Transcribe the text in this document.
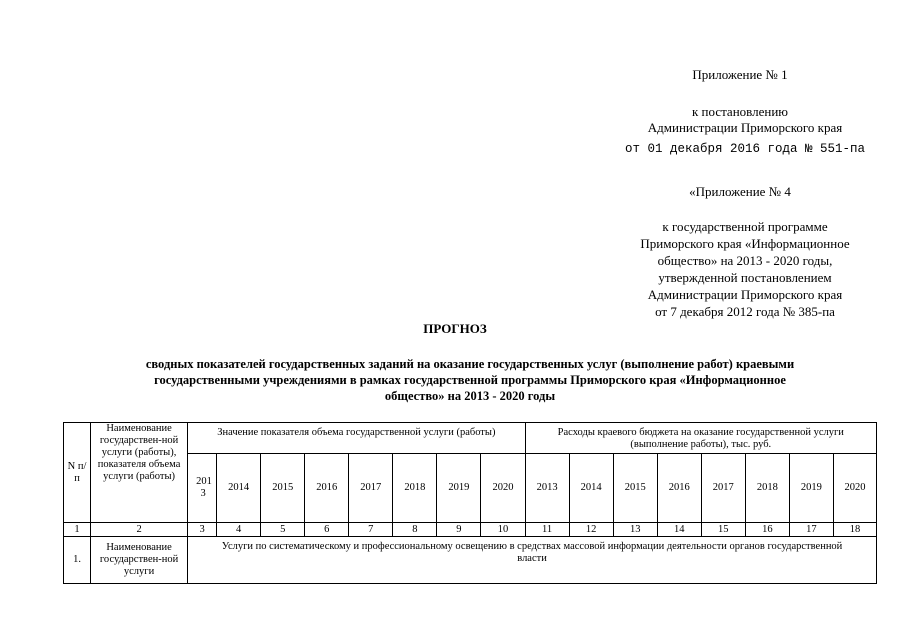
Приложение № 1
к постановлению
Администрации Приморского края
от 01 декабря 2016 года № 551-па
«Приложение № 4
к государственной программе
Приморского края «Информационное
общество» на 2013 - 2020 годы,
утвержденной постановлением
Администрации Приморского края
от 7 декабря 2012 года № 385-па
ПРОГНОЗ
сводных показателей государственных заданий на оказание государственных услуг (выполнение работ) краевыми
государственными учреждениями в рамках государственной программы Приморского края «Информационное
общество» на 2013 - 2020 годы
N п/п	Наименование государствен-ной услуги (работы), показателя объема услуги (работы)	Значение показателя объема государственной услуги (работы)								Расходы краевого бюджета на оказание государственной услуги (выполнение работы), тыс. руб.							
		201 3	2014	2015	2016	2017	2018	2019	2020	2013	2014	2015	2016	2017	2018	2019	2020
1	2	3	4	5	6	7	8	9	10	11	12	13	14	15	16	17	18
1.	Наименование государствен-ной услуги	Услуги по систематическому и профессиональному освещению в средствах массовой информации деятельности органов государственной власти															
